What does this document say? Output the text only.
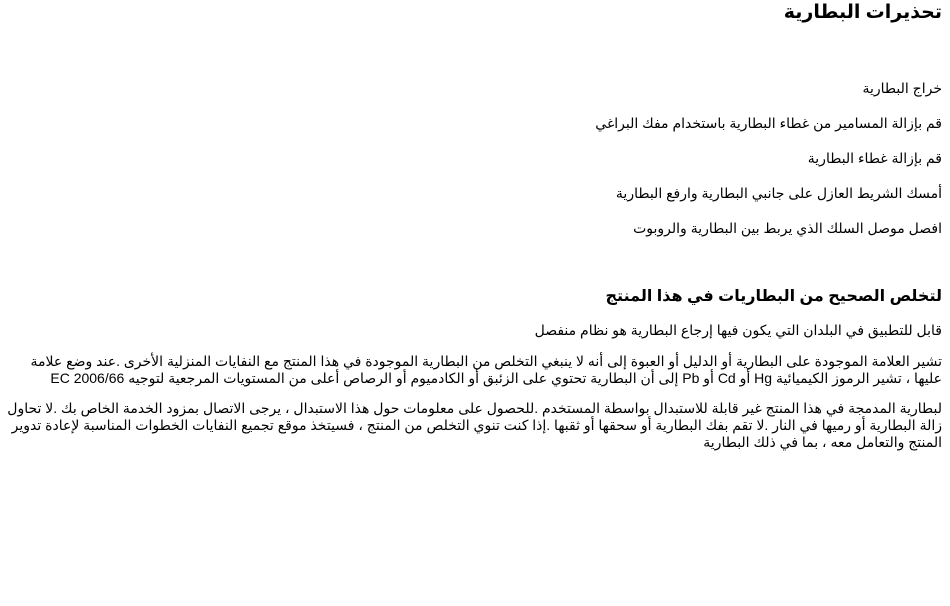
تحذيرات البطارية

خراج البطارية

قم بإزالة المسامير من غطاء البطارية باستخدام مفك البراغي

قم بإزالة غطاء البطارية

أمسك الشريط العازل على جانبي البطارية وارفع البطارية

افصل موصل السلك الذي يربط بين البطارية والروبوت

لتخلص الصحيح من البطاريات في هذا المنتج

قابل للتطبيق في البلدان التي يكون فيها إرجاع البطارية هو نظام منفصل

تشير العلامة الموجودة على البطارية أو الدليل أو العبوة إلى أنه لا ينبغي التخلص من البطارية الموجودة في هذا المنتج مع النفايات المنزلية الأخرى .عند وضع علامة عليها ، تشير الرموز الكيميائية Hg أو Cd أو Pb إلى أن البطارية تحتوي على الزئبق أو الكادميوم أو الرصاص أعلى من المستويات المرجعية لتوجيه EC 2006/66

لبطارية المدمجة في هذا المنتج غير قابلة للاستبدال بواسطة المستخدم .للحصول على معلومات حول هذا الاستبدال ، يرجى الاتصال بمزود الخدمة الخاص بك .لا تحاول زالة البطارية أو رميها في النار .لا تقم بفك البطارية أو سحقها أو ثقبها .إذا كنت تنوي التخلص من المنتج ، فسيتخذ موقع تجميع النفايات الخطوات المناسبة لإعادة تدوير المنتج والتعامل معه ، بما في ذلك البطارية
